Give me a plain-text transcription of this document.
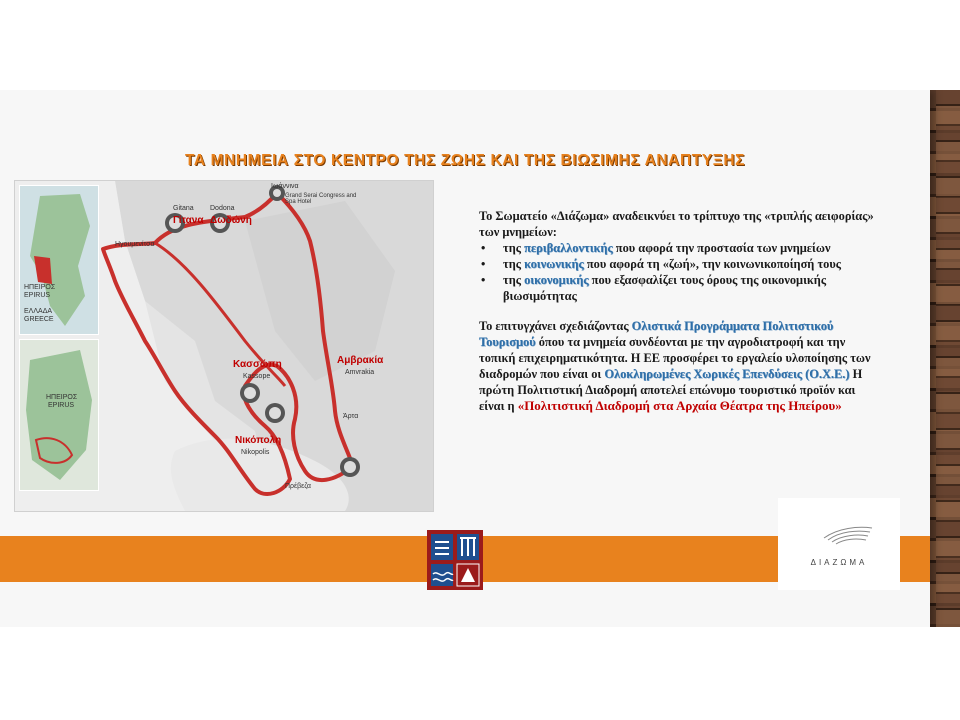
ΤΑ ΜΝΗΜΕΙΑ ΣΤΟ ΚΕΝΤΡΟ ΤΗΣ ΖΩΗΣ ΚΑΙ ΤΗΣ ΒΙΩΣΙΜΗΣ ΑΝΑΠΤΥΞΗΣ
ΗΠΕΙΡΟΣ
EPIRUS
ΕΛΛΑΔΑ
GREECE
ΗΠΕΙΡΟΣ
EPIRUS
Ιωάννινα
Grand Serai Congress and Spa Hotel
Dodona
Δωδώνη
Gitana
Γίτανα
Ηγουμενίτσα
Κασσώπη
Kassope
Αμβρακία
Amvrakia
Άρτα
Νικόπολη
Nikopolis
Πρέβεζα

Το Σωματείο «Διάζωμα» αναδεικνύει το τρίπτυχο της «τριπλής αειφορίας» των μνημείων:

• της περιβαλλοντικής που αφορά την προστασία των μνημείων
• της κοινωνικής που αφορά τη «ζωή», την κοινωνικοποίησή τους
• της οικονομικής που εξασφαλίζει τους όρους της οικονομικής βιωσιμότητας

Το επιτυγχάνει σχεδιάζοντας Ολιστικά Προγράμματα Πολιτιστικού Τουρισμού όπου τα μνημεία συνδέονται με την αγροδιατροφή και την τοπική επιχειρηματικότητα. Η ΕΕ προσφέρει το εργαλείο υλοποίησης των διαδρομών που είναι οι Ολοκληρωμένες Χωρικές Επενδύσεις (Ο.Χ.Ε.) Η πρώτη Πολιτιστική Διαδρομή αποτελεί επώνυμο τουριστικό προϊόν και είναι η «Πολιτιστική Διαδρομή στα Αρχαία Θέατρα της Ηπείρου»

ΔΙΑΖΩΜΑ
